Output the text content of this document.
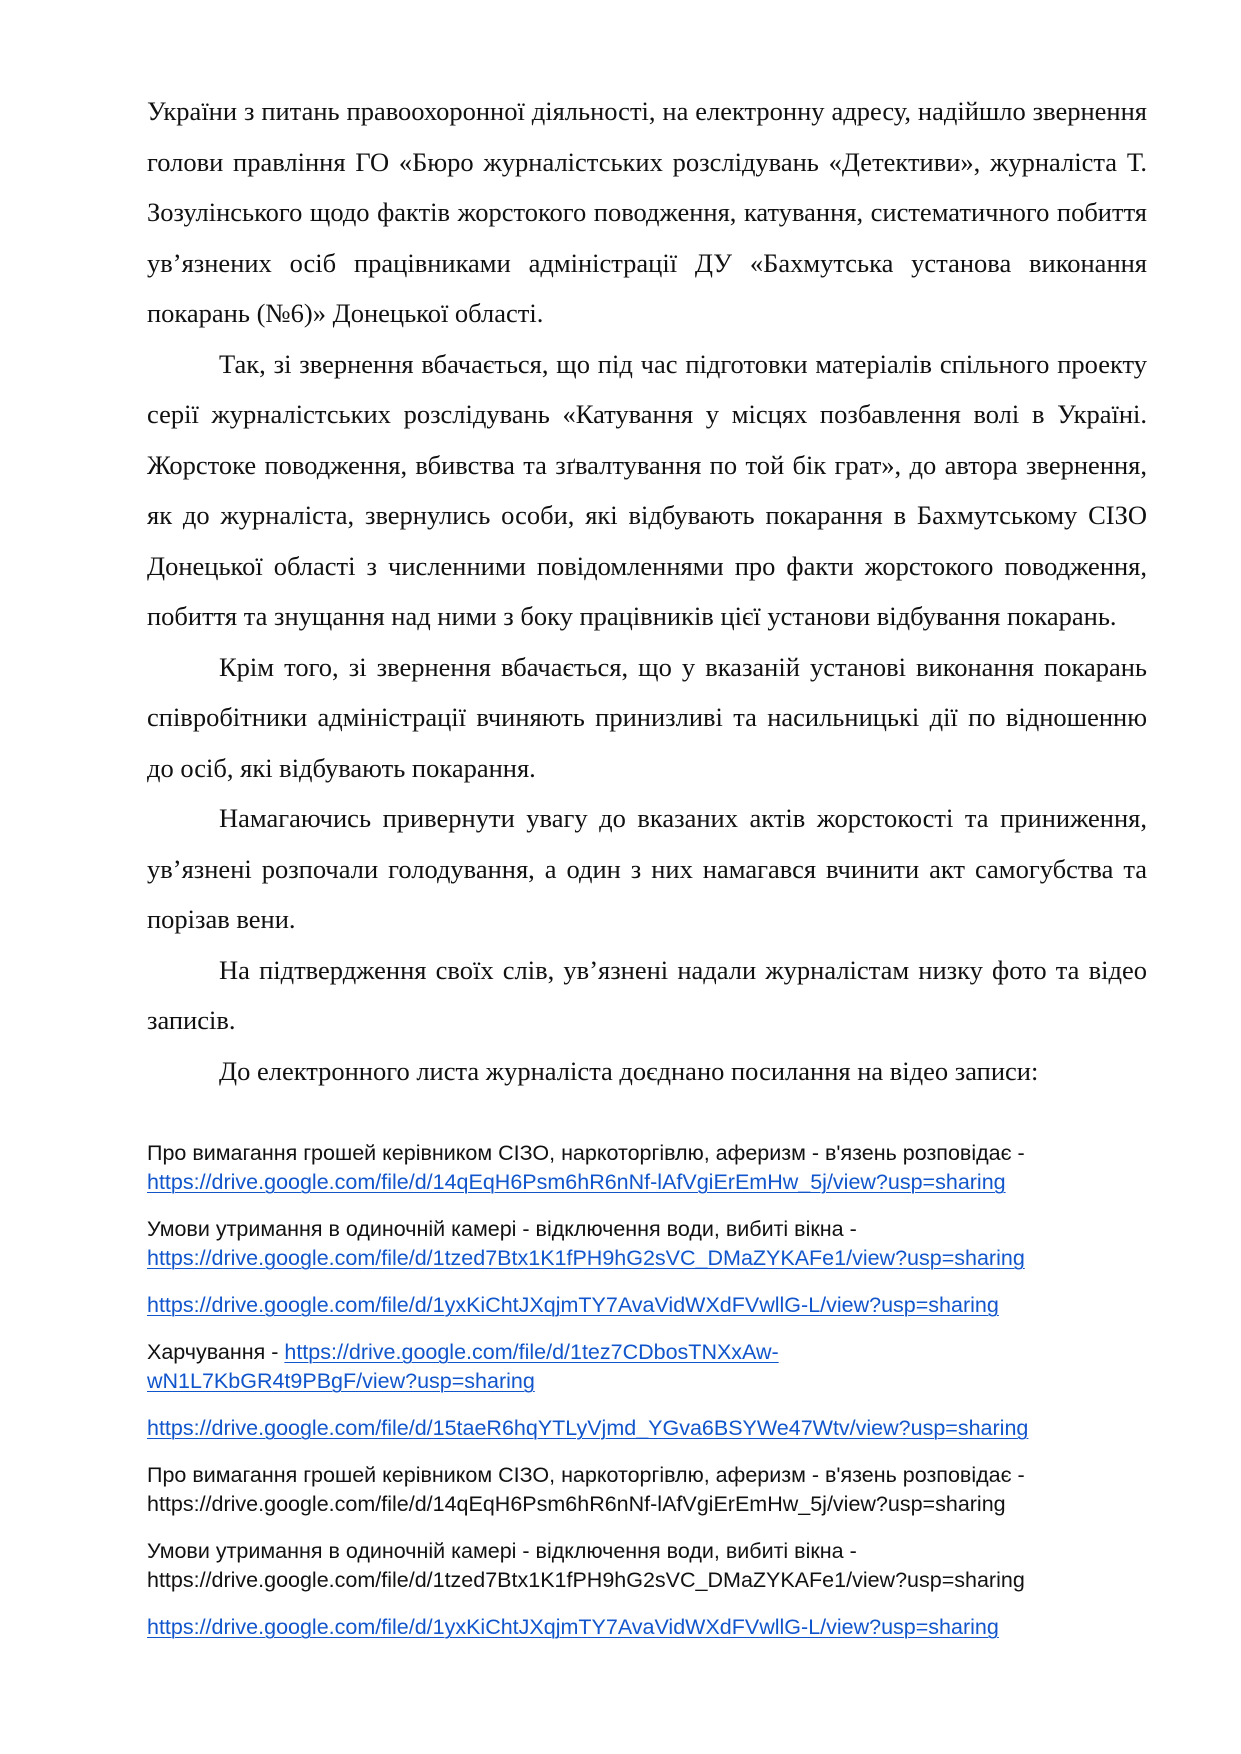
України з питань правоохоронної діяльності, на електронну адресу, надійшло звернення голови правління ГО «Бюро журналістських розслідувань «Детективи», журналіста Т. Зозулінського щодо фактів жорстокого поводження, катування, систематичного побиття ув’язнених осіб працівниками адміністрації ДУ «Бахмутська установа виконання покарань (№6)» Донецької області.

Так, зі звернення вбачається, що під час підготовки матеріалів спільного проекту серії журналістських розслідувань «Катування у місцях позбавлення волі в Україні. Жорстоке поводження, вбивства та зґвалтування по той бік грат», до автора звернення, як до журналіста, звернулись особи, які відбувають покарання в Бахмутському СІЗО Донецької області з численними повідомленнями про факти жорстокого поводження, побиття та знущання над ними з боку працівників цієї установи відбування покарань.

Крім того, зі звернення вбачається, що у вказаній установі виконання покарань співробітники адміністрації вчиняють принизливі та насильницькі дії по відношенню до осіб, які відбувають покарання.

Намагаючись привернути увагу до вказаних актів жорстокості та приниження, ув’язнені розпочали голодування, а один з них намагався вчинити акт самогубства та порізав вени.

На підтвердження своїх слів, ув’язнені надали журналістам низку фото та відео записів.

До електронного листа журналіста доєднано посилання на відео записи:

Про вимагання грошей керівником СІЗО, наркоторгівлю, аферизм - в'язень розповідає -
https://drive.google.com/file/d/14qEqH6Psm6hR6nNf-lAfVgiErEmHw_5j/view?usp=sharing
Умови утримання в одиночній камері - відключення води, вибиті вікна -
https://drive.google.com/file/d/1tzed7Btx1K1fPH9hG2sVC_DMaZYKAFe1/view?usp=sharing
https://drive.google.com/file/d/1yxKiChtJXqjmTY7AvaVidWXdFVwllG-L/view?usp=sharing
Харчування - https://drive.google.com/file/d/1tez7CDbosTNXxAw-
wN1L7KbGR4t9PBgF/view?usp=sharing
https://drive.google.com/file/d/15taeR6hqYTLyVjmd_YGva6BSYWe47Wtv/view?usp=sharing
Про вимагання грошей керівником СІЗО, наркоторгівлю, аферизм - в'язень розповідає -
https://drive.google.com/file/d/14qEqH6Psm6hR6nNf-lAfVgiErEmHw_5j/view?usp=sharing
Умови утримання в одиночній камері - відключення води, вибиті вікна -
https://drive.google.com/file/d/1tzed7Btx1K1fPH9hG2sVC_DMaZYKAFe1/view?usp=sharing
https://drive.google.com/file/d/1yxKiChtJXqjmTY7AvaVidWXdFVwllG-L/view?usp=sharing
